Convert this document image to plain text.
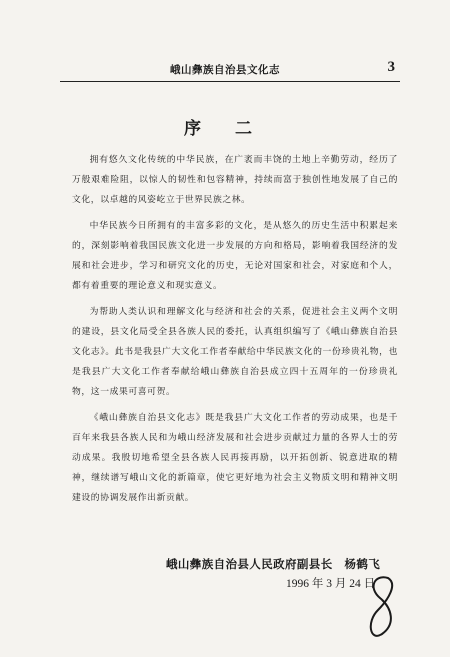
峨山彝族自治县文化志	3
序 二

拥有悠久文化传统的中华民族，在广袤而丰饶的土地上辛勤劳动，经历了万般艰难险阻，以惊人的韧性和包容精神，持续而富于独创性地发展了自己的文化，以卓越的风姿屹立于世界民族之林。

中华民族今日所拥有的丰富多彩的文化，是从悠久的历史生活中积累起来的，深刻影响着我国民族文化进一步发展的方向和格局，影响着我国经济的发展和社会进步，学习和研究文化的历史，无论对国家和社会，对家庭和个人，都有着重要的理论意义和现实意义。

为帮助人类认识和理解文化与经济和社会的关系，促进社会主义两个文明的建设，县文化局受全县各族人民的委托，认真组织编写了《峨山彝族自治县文化志》。此书是我县广大文化工作者奉献给中华民族文化的一份珍贵礼物，也是我县广大文化工作者奉献给峨山彝族自治县成立四十五周年的一份珍贵礼物，这一成果可喜可贺。

《峨山彝族自治县文化志》既是我县广大文化工作者的劳动成果，也是千百年来我县各族人民和为峨山经济发展和社会进步贡献过力量的各界人士的劳动成果。我殷切地希望全县各族人民再接再励，以开拓创新、锐意进取的精神，继续谱写峨山文化的新篇章，使它更好地为社会主义物质文明和精神文明建设的协调发展作出新贡献。

峨山彝族自治县人民政府副县长　杨鹤飞
1996 年 3 月 24 日
